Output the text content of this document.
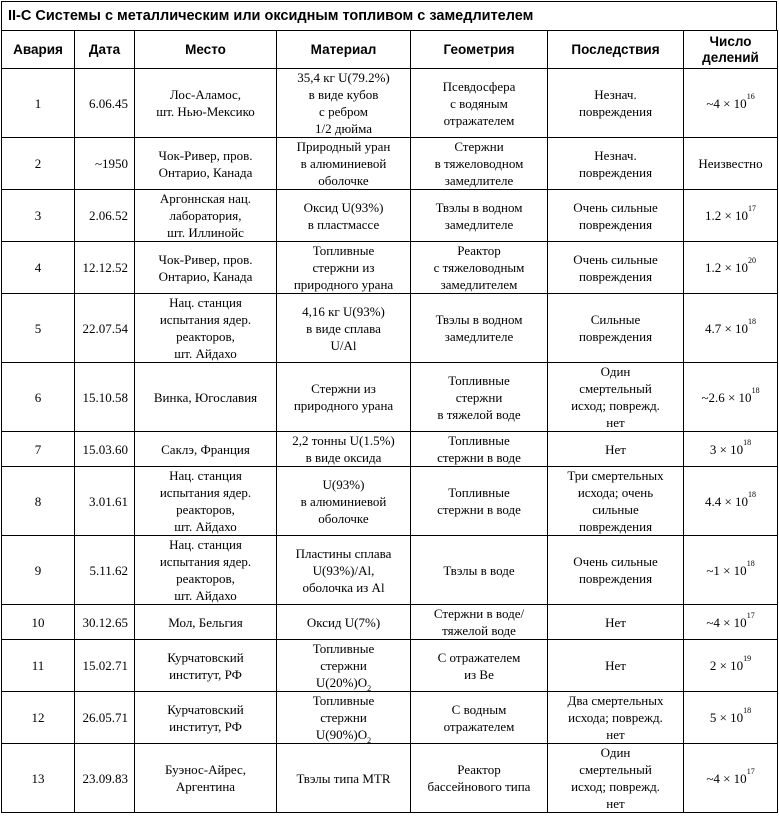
II-C Системы с металлическим или оксидным топливом с замедлителем
Авария	Дата	Место	Материал	Геометрия	Последствия	Число делений
1	6.06.45	Лос-Аламос,
шт. Нью-Мексико	35,4 кг U(79.2%)
в виде кубов
с ребром
1/2 дюйма	Псевдосфера
с водяным
отражателем	Незнач.
повреждения	~4 × $10^{16}$
2	~1950	Чок-Ривер, пров.
Онтарио, Канада	Природный уран
в алюминиевой
оболочке	Стержни
в тяжеловодном
замедлителе	Незнач.
повреждения	Неизвестно
3	2.06.52	Аргоннская нац.
лаборатория,
шт. Иллинойс	Оксид U(93%)
в пластмассе	Твэлы в водном
замедлителе	Очень сильные
повреждения	$1.2 \times 10^{17}$
4	12.12.52	Чок-Ривер, пров.
Онтарио, Канада	Топливные
стержни из
природного урана	Реактор
с тяжеловодным
замедлителем	Очень сильные
повреждения	$1.2 \times 10^{20}$
5	22.07.54	Нац. станция
испытания ядер.
реакторов,
шт. Айдахо	4,16 кг U(93%)
в виде сплава
U/Al	Твэлы в водном
замедлителе	Сильные
повреждения	$4.7 \times 10^{18}$
6	15.10.58	Винка, Югославия	Стержни из
природного урана	Топливные
стержни
в тяжелой воде	Один
смертельный
исход; поврежд.
нет	~2.6 × $10^{18}$
7	15.03.60	Саклэ, Франция	2,2 тонны U(1.5%)
в виде оксида	Топливные
стержни в воде	Нет	$3 \times 10^{18}$
8	3.01.61	Нац. станция
испытания ядер.
реакторов,
шт. Айдахо	U(93%)
в алюминиевой
оболочке	Топливные
стержни в воде	Три смертельных
исхода; очень
сильные
повреждения	$4.4 \times 10^{18}$
9	5.11.62	Нац. станция
испытания ядер.
реакторов,
шт. Айдахо	Пластины сплава
U(93%)/Al,
оболочка из Al	Твэлы в воде	Очень сильные
повреждения	~1 × $10^{18}$
10	30.12.65	Мол, Бельгия	Оксид U(7%)	Стержни в воде/
тяжелой воде	Нет	~4 × $10^{17}$
11	15.02.71	Курчатовский
институт, РФ	Топливные
стержни
$U(20\%)O_2$	С отражателем
из Be	Нет	$2 \times 10^{19}$
12	26.05.71	Курчатовский
институт, РФ	Топливные
стержни
$U(90\%)O_2$	С водным
отражателем	Два смертельных
исхода; поврежд.
нет	$5 \times 10^{18}$
13	23.09.83	Буэнос-Айрес,
Аргентина	Твэлы типа MTR	Реактор
бассейнового типа	Один
смертельный
исход; поврежд.
нет	~4 × $10^{17}$
